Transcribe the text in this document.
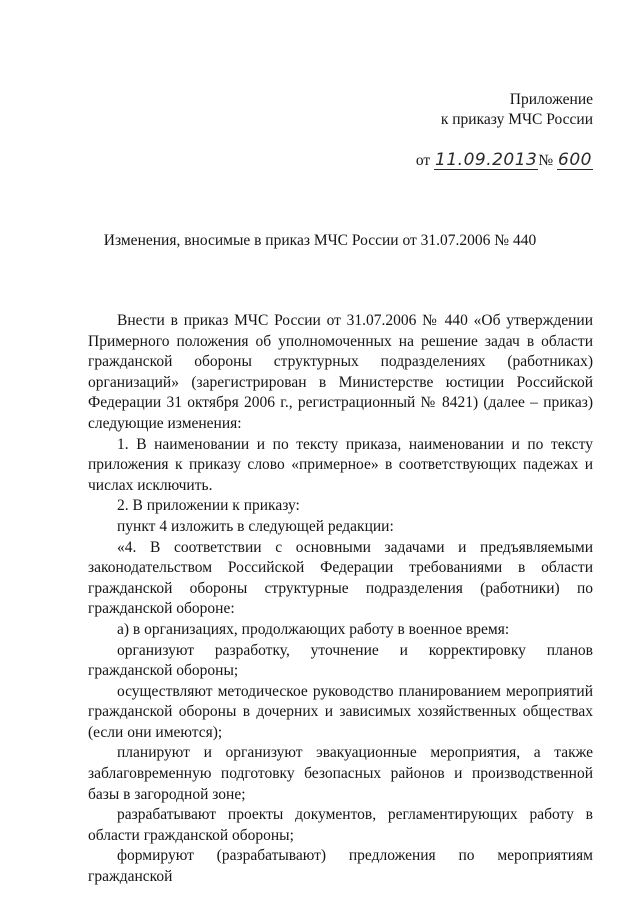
Приложение
к приказу МЧС России
от 11.09.2013№ 600
Изменения, вносимые в приказ МЧС России от 31.07.2006 № 440

Внести в приказ МЧС России от 31.07.2006 № 440 «Об утверждении Примерного положения об уполномоченных на решение задач в области гражданской обороны структурных подразделениях (работниках) организаций» (зарегистрирован в Министерстве юстиции Российской Федерации 31 октября 2006 г., регистрационный № 8421) (далее – приказ) следующие изменения:

1. В наименовании и по тексту приказа, наименовании и по тексту приложения к приказу слово «примерное» в соответствующих падежах и числах исключить.

2. В приложении к приказу:

пункт 4 изложить в следующей редакции:

«4. В соответствии с основными задачами и предъявляемыми законодательством Российской Федерации требованиями в области гражданской обороны структурные подразделения (работники) по гражданской обороне:

а) в организациях, продолжающих работу в военное время:

организуют разработку, уточнение и корректировку планов гражданской обороны;

осуществляют методическое руководство планированием мероприятий гражданской обороны в дочерних и зависимых хозяйственных обществах (если они имеются);

планируют и организуют эвакуационные мероприятия, а также заблаговременную подготовку безопасных районов и производственной базы в загородной зоне;

разрабатывают проекты документов, регламентирующих работу в области гражданской обороны;

формируют (разрабатывают) предложения по мероприятиям гражданской
